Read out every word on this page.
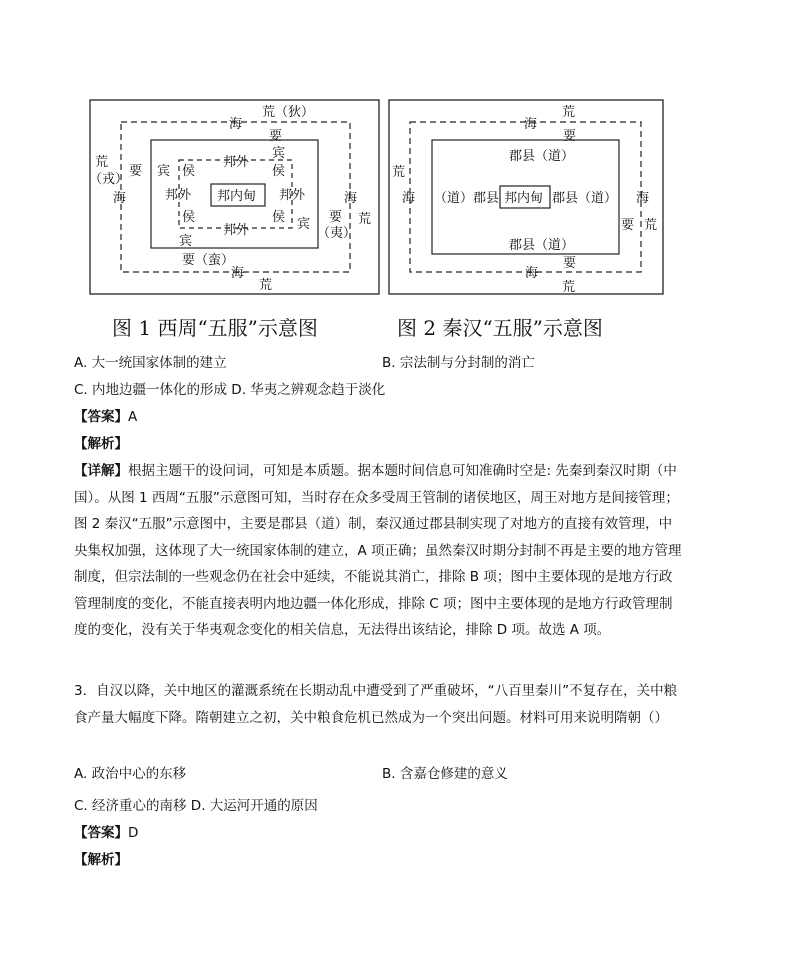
荒（狄）
荒
（戎）
荒
荒
海
海	海
海
要
要
要
（夷）
要（蛮）
宾
宾
宾
宾
侯	侯
侯	侯
邦外
邦外	邦外
邦外
邦内甸
荒
荒
荒
荒
海
海	海
海
要
要
要
郡县（道）
（道）郡县	郡县（道）
郡县（道）
邦内甸
图 1 西周“五服”示意图	图 2 秦汉“五服”示意图
A. 大一统国家体制的建立	B. 宗法制与分封制的消亡
C. 内地边疆一体化的形成 D. 华夷之辨观念趋于淡化
【答案】A
【解析】
【详解】根据主题干的设问词，可知是本质题。据本题时间信息可知准确时空是: 先秦到秦汉时期（中国）。从图 1 西周“五服”示意图可知，当时存在众多受周王管制的诸侯地区，周王对地方是间接管理；图 2 秦汉“五服”示意图中，主要是郡县（道）制，秦汉通过郡县制实现了对地方的直接有效管理，中央集权加强，这体现了大一统国家体制的建立，A 项正确；虽然秦汉时期分封制不再是主要的地方管理制度，但宗法制的一些观念仍在社会中延续，不能说其消亡，排除 B 项；图中主要体现的是地方行政管理制度的变化，不能直接表明内地边疆一体化形成，排除 C 项；图中主要体现的是地方行政管理制度的变化，没有关于华夷观念变化的相关信息，无法得出该结论，排除 D 项。故选 A 项。
3．自汉以降，关中地区的灌溉系统在长期动乱中遭受到了严重破坏，“八百里秦川”不复存在，关中粮食产量大幅度下降。隋朝建立之初，关中粮食危机已然成为一个突出问题。材料可用来说明隋朝（）
A. 政治中心的东移	B. 含嘉仓修建的意义
C. 经济重心的南移 D. 大运河开通的原因
【答案】D
【解析】
